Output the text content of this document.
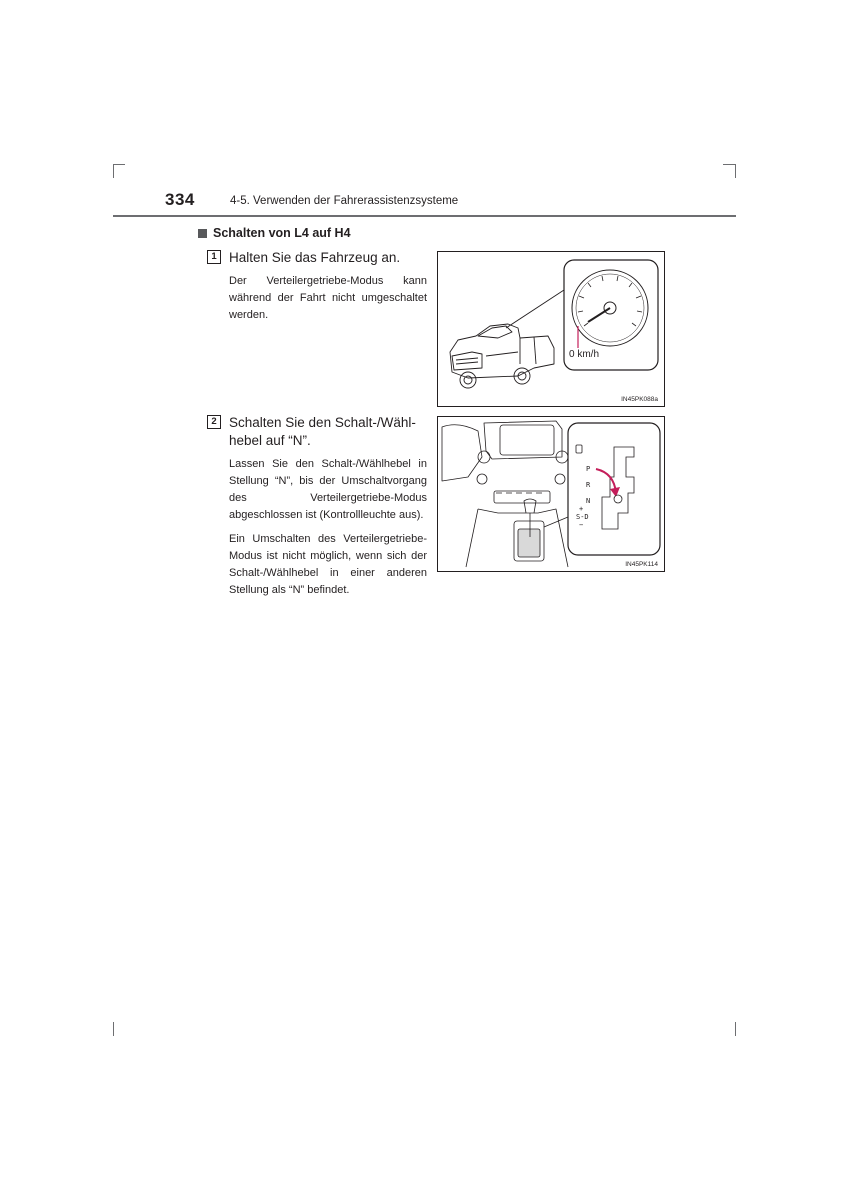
334	4-5. Verwenden der Fahrerassistenzsysteme
Schalten von L4 auf H4
1 Halten Sie das Fahrzeug an.

Der Verteilergetriebe-Modus kann während der Fahrt nicht umgeschaltet werden.

2 Schalten Sie den Schalt-/Wählhebel auf “N”.

Lassen Sie den Schalt-/Wählhebel in Stellung “N”, bis der Umschaltvorgang des Verteilergetriebe-Modus abgeschlossen ist (Kontrollleuchte aus).

Ein Umschalten des Verteilergetriebe-Modus ist nicht möglich, wenn sich der Schalt-/Wählhebel in einer anderen Stellung als “N” befindet.

0 km/h
IN45PK088a
P
R
N
+
S-D
−
IN45PK114
